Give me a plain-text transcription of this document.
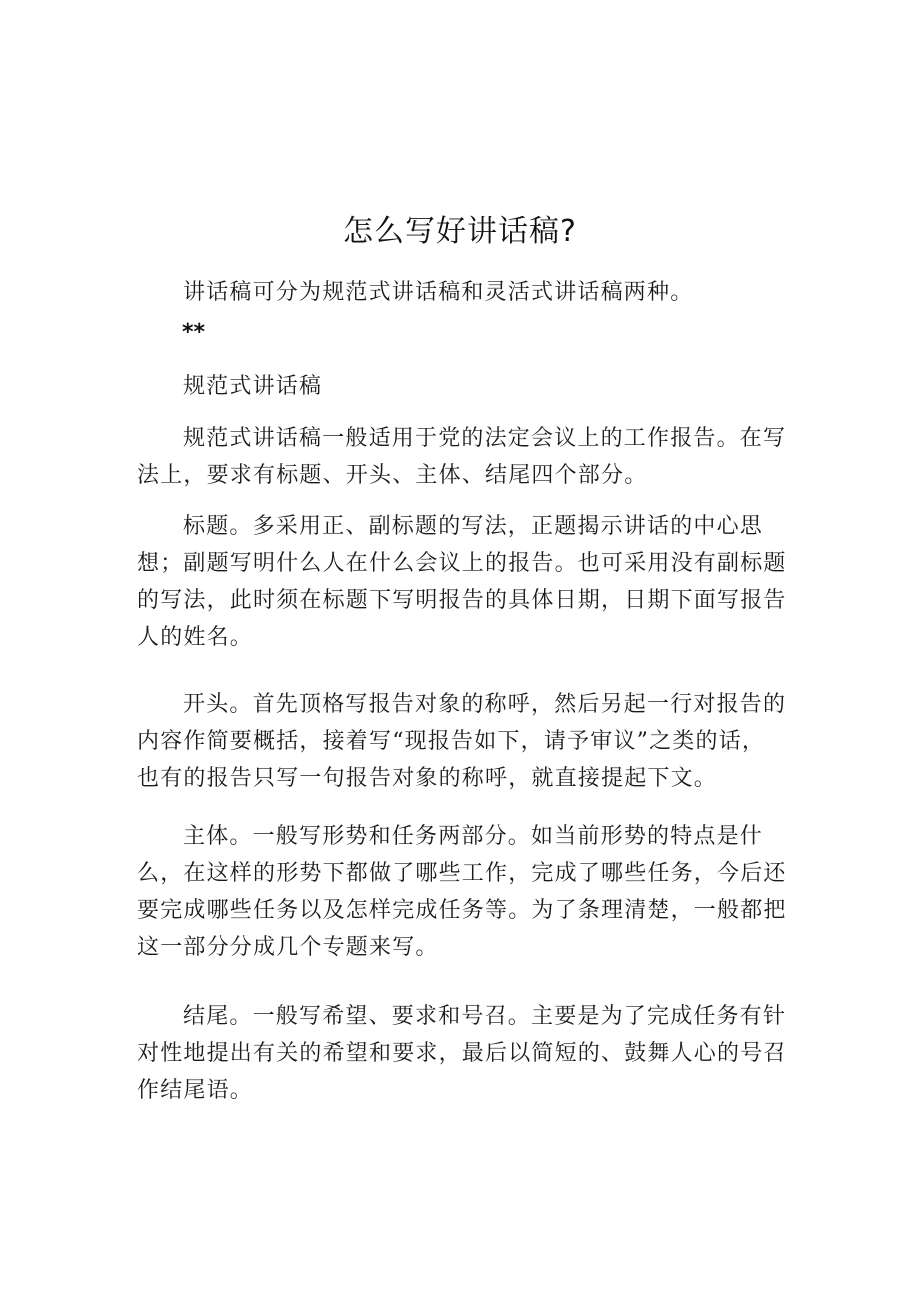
怎么写好讲话稿?

讲话稿可分为规范式讲话稿和灵活式讲话稿两种。

**

规范式讲话稿

规范式讲话稿一般适用于党的法定会议上的工作报告。在写法上，要求有标题、开头、主体、结尾四个部分。

标题。多采用正、副标题的写法，正题揭示讲话的中心思想；副题写明什么人在什么会议上的报告。也可采用没有副标题的写法，此时须在标题下写明报告的具体日期，日期下面写报告人的姓名。

开头。首先顶格写报告对象的称呼，然后另起一行对报告的内容作简要概括，接着写“现报告如下，请予审议”之类的话，也有的报告只写一句报告对象的称呼，就直接提起下文。

主体。一般写形势和任务两部分。如当前形势的特点是什么，在这样的形势下都做了哪些工作，完成了哪些任务，今后还要完成哪些任务以及怎样完成任务等。为了条理清楚，一般都把这一部分分成几个专题来写。

结尾。一般写希望、要求和号召。主要是为了完成任务有针对性地提出有关的希望和要求，最后以简短的、鼓舞人心的号召作结尾语。
